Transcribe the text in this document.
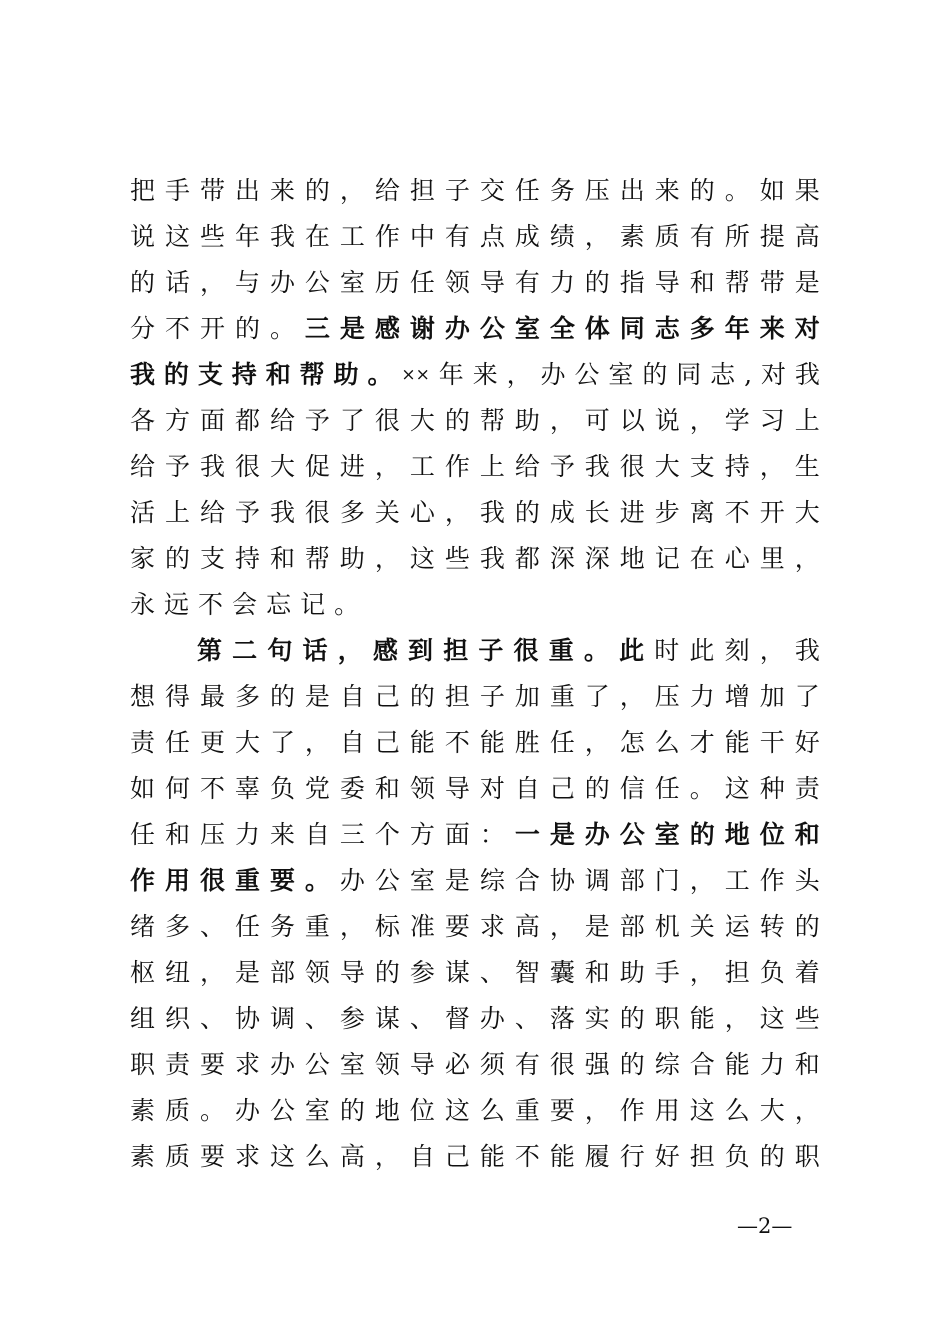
把 手 带 出 来 的 ， 给 担 子 交 任 务 压 出 来 的 。 如 果
说 这 些 年 我 在 工 作 中 有 点 成 绩 ， 素 质 有 所 提 高
的 话 ， 与 办 公 室 历 任 领 导 有 力 的 指 导 和 帮 带 是
分 不 开 的 。 三 是 感 谢 办 公 室 全 体 同 志 多 年 来 对
我 的 支 持 和 帮 助 。 ×× 年 来 ， 办 公 室 的 同 志 , 对 我
各 方 面 都 给 予 了 很 大 的 帮 助 ， 可 以 说 ， 学 习 上
给 予 我 很 大 促 进 ， 工 作 上 给 予 我 很 大 支 持 ， 生
活 上 给 予 我 很 多 关 心 ， 我 的 成 长 进 步 离 不 开 大
家 的 支 持 和 帮 助 ， 这 些 我 都 深 深 地 记 在 心 里 ，
永 远 不 会 忘 记 。
第 二 句 话 ， 感 到 担 子 很 重 。 此 时 此 刻 ， 我
想 得 最 多 的 是 自 己 的 担 子 加 重 了 ， 压 力 增 加 了
责 任 更 大 了 ， 自 己 能 不 能 胜 任 ， 怎 么 才 能 干 好
如 何 不 辜 负 党 委 和 领 导 对 自 己 的 信 任 。 这 种 责
任 和 压 力 来 自 三 个 方 面 ： 一 是 办 公 室 的 地 位 和
作 用 很 重 要 。 办 公 室 是 综 合 协 调 部 门 ， 工 作 头
绪 多 、 任 务 重 ， 标 准 要 求 高 ， 是 部 机 关 运 转 的
枢 纽 ， 是 部 领 导 的 参 谋 、 智 囊 和 助 手 ， 担 负 着
组 织 、 协 调 、 参 谋 、 督 办 、 落 实 的 职 能 ， 这 些
职 责 要 求 办 公 室 领 导 必 须 有 很 强 的 综 合 能 力 和
素 质 。 办 公 室 的 地 位 这 么 重 要 ， 作 用 这 么 大 ，
素 质 要 求 这 么 高 ， 自 己 能 不 能 履 行 好 担 负 的 职
—2—
